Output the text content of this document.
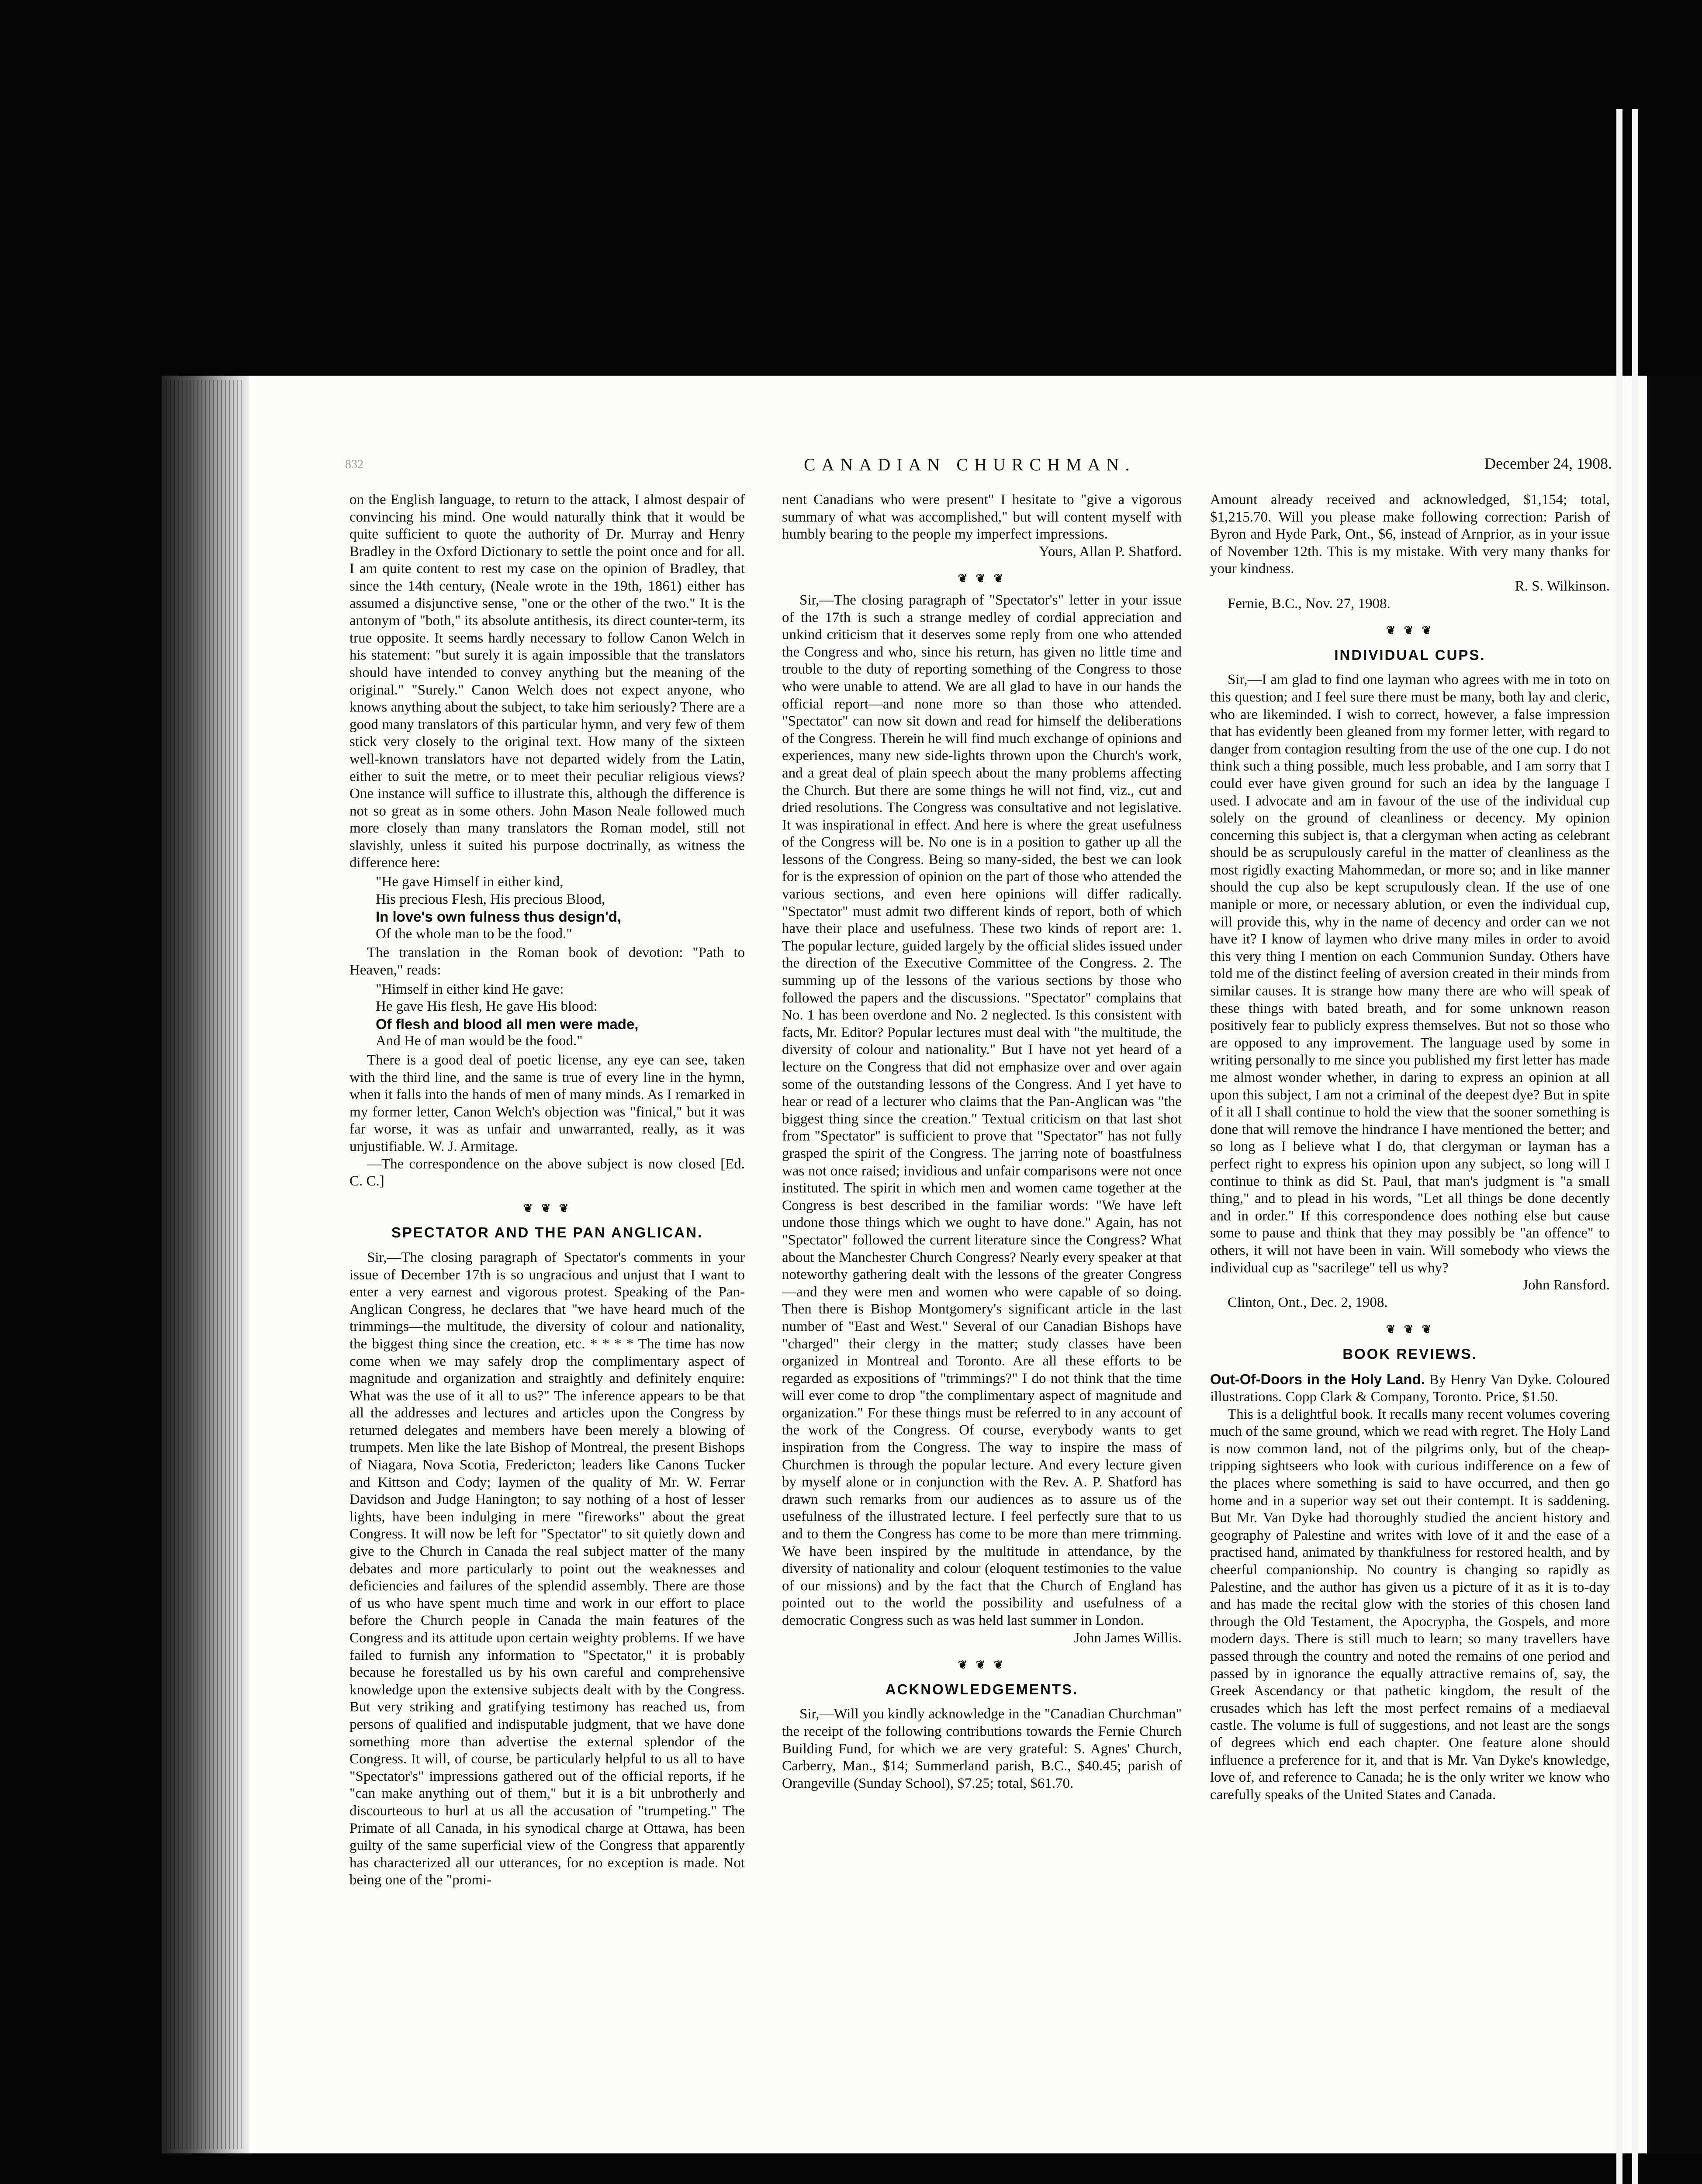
832	CANADIAN CHURCHMAN.	December 24, 1908.

on the English language, to return to the attack, I almost despair of convincing his mind. One would naturally think that it would be quite sufficient to quote the authority of Dr. Murray and Henry Bradley in the Oxford Dictionary to settle the point once and for all. I am quite content to rest my case on the opinion of Bradley, that since the 14th century, (Neale wrote in the 19th, 1861) either has assumed a disjunctive sense, "one or the other of the two." It is the antonym of "both," its absolute antithesis, its direct counter-term, its true opposite. It seems hardly necessary to follow Canon Welch in his statement: "but surely it is again impossible that the translators should have intended to convey anything but the meaning of the original." "Surely." Canon Welch does not expect anyone, who knows anything about the subject, to take him seriously? There are a good many translators of this particular hymn, and very few of them stick very closely to the original text. How many of the sixteen well-known translators have not departed widely from the Latin, either to suit the metre, or to meet their peculiar religious views? One instance will suffice to illustrate this, although the difference is not so great as in some others. John Mason Neale followed much more closely than many translators the Roman model, still not slavishly, unless it suited his purpose doctrinally, as witness the difference here:

"He gave Himself in either kind,
His precious Flesh, His precious Blood,
In love's own fulness thus design'd,
Of the whole man to be the food."

The translation in the Roman book of devotion: "Path to Heaven," reads:

"Himself in either kind He gave:
He gave His flesh, He gave His blood:
Of flesh and blood all men were made,
And He of man would be the food."

There is a good deal of poetic license, any eye can see, taken with the third line, and the same is true of every line in the hymn, when it falls into the hands of men of many minds. As I remarked in my former letter, Canon Welch's objection was "finical," but it was far worse, it was as unfair and unwarranted, really, as it was unjustifiable. W. J. Armitage.

—The correspondence on the above subject is now closed [Ed. C. C.]

❦ ❦ ❦
SPECTATOR AND THE PAN ANGLICAN.

Sir,—The closing paragraph of Spectator's comments in your issue of December 17th is so ungracious and unjust that I want to enter a very earnest and vigorous protest. Speaking of the Pan-Anglican Congress, he declares that "we have heard much of the trimmings—the multitude, the diversity of colour and nationality, the biggest thing since the creation, etc. * * * * The time has now come when we may safely drop the complimentary aspect of magnitude and organization and straightly and definitely enquire: What was the use of it all to us?" The inference appears to be that all the addresses and lectures and articles upon the Congress by returned delegates and members have been merely a blowing of trumpets. Men like the late Bishop of Montreal, the present Bishops of Niagara, Nova Scotia, Fredericton; leaders like Canons Tucker and Kittson and Cody; laymen of the quality of Mr. W. Ferrar Davidson and Judge Hanington; to say nothing of a host of lesser lights, have been indulging in mere "fireworks" about the great Congress. It will now be left for "Spectator" to sit quietly down and give to the Church in Canada the real subject matter of the many debates and more particularly to point out the weaknesses and deficiencies and failures of the splendid assembly. There are those of us who have spent much time and work in our effort to place before the Church people in Canada the main features of the Congress and its attitude upon certain weighty problems. If we have failed to furnish any information to "Spectator," it is probably because he forestalled us by his own careful and comprehensive knowledge upon the extensive subjects dealt with by the Congress. But very striking and gratifying testimony has reached us, from persons of qualified and indisputable judgment, that we have done something more than advertise the external splendor of the Congress. It will, of course, be particularly helpful to us all to have "Spectator's" impressions gathered out of the official reports, if he "can make anything out of them," but it is a bit unbrotherly and discourteous to hurl at us all the accusation of "trumpeting." The Primate of all Canada, in his synodical charge at Ottawa, has been guilty of the same superficial view of the Congress that apparently has characterized all our utterances, for no exception is made. Not being one of the "promi-

nent Canadians who were present" I hesitate to "give a vigorous summary of what was accomplished," but will content myself with humbly bearing to the people my imperfect impressions.

Yours, Allan P. Shatford.

❦ ❦ ❦

Sir,—The closing paragraph of "Spectator's" letter in your issue of the 17th is such a strange medley of cordial appreciation and unkind criticism that it deserves some reply from one who attended the Congress and who, since his return, has given no little time and trouble to the duty of reporting something of the Congress to those who were unable to attend. We are all glad to have in our hands the official report—and none more so than those who attended. "Spectator" can now sit down and read for himself the deliberations of the Congress. Therein he will find much exchange of opinions and experiences, many new side-lights thrown upon the Church's work, and a great deal of plain speech about the many problems affecting the Church. But there are some things he will not find, viz., cut and dried resolutions. The Congress was consultative and not legislative. It was inspirational in effect. And here is where the great usefulness of the Congress will be. No one is in a position to gather up all the lessons of the Congress. Being so many-sided, the best we can look for is the expression of opinion on the part of those who attended the various sections, and even here opinions will differ radically. "Spectator" must admit two different kinds of report, both of which have their place and usefulness. These two kinds of report are: 1. The popular lecture, guided largely by the official slides issued under the direction of the Executive Committee of the Congress. 2. The summing up of the lessons of the various sections by those who followed the papers and the discussions. "Spectator" complains that No. 1 has been overdone and No. 2 neglected. Is this consistent with facts, Mr. Editor? Popular lectures must deal with "the multitude, the diversity of colour and nationality." But I have not yet heard of a lecture on the Congress that did not emphasize over and over again some of the outstanding lessons of the Congress. And I yet have to hear or read of a lecturer who claims that the Pan-Anglican was "the biggest thing since the creation." Textual criticism on that last shot from "Spectator" is sufficient to prove that "Spectator" has not fully grasped the spirit of the Congress. The jarring note of boastfulness was not once raised; invidious and unfair comparisons were not once instituted. The spirit in which men and women came together at the Congress is best described in the familiar words: "We have left undone those things which we ought to have done." Again, has not "Spectator" followed the current literature since the Congress? What about the Manchester Church Congress? Nearly every speaker at that noteworthy gathering dealt with the lessons of the greater Congress—and they were men and women who were capable of so doing. Then there is Bishop Montgomery's significant article in the last number of "East and West." Several of our Canadian Bishops have "charged" their clergy in the matter; study classes have been organized in Montreal and Toronto. Are all these efforts to be regarded as expositions of "trimmings?" I do not think that the time will ever come to drop "the complimentary aspect of magnitude and organization." For these things must be referred to in any account of the work of the Congress. Of course, everybody wants to get inspiration from the Congress. The way to inspire the mass of Churchmen is through the popular lecture. And every lecture given by myself alone or in conjunction with the Rev. A. P. Shatford has drawn such remarks from our audiences as to assure us of the usefulness of the illustrated lecture. I feel perfectly sure that to us and to them the Congress has come to be more than mere trimming. We have been inspired by the multitude in attendance, by the diversity of nationality and colour (eloquent testimonies to the value of our missions) and by the fact that the Church of England has pointed out to the world the possibility and usefulness of a democratic Congress such as was held last summer in London.

John James Willis.

❦ ❦ ❦
ACKNOWLEDGEMENTS.

Sir,—Will you kindly acknowledge in the "Canadian Churchman" the receipt of the following contributions towards the Fernie Church Building Fund, for which we are very grateful: S. Agnes' Church, Carberry, Man., $14; Summerland parish, B.C., $40.45; parish of Orangeville (Sunday School), $7.25; total, $61.70.

Amount already received and acknowledged, $1,154; total, $1,215.70. Will you please make following correction: Parish of Byron and Hyde Park, Ont., $6, instead of Arnprior, as in your issue of November 12th. This is my mistake. With very many thanks for your kindness.

R. S. Wilkinson.

Fernie, B.C., Nov. 27, 1908.

❦ ❦ ❦
INDIVIDUAL CUPS.

Sir,—I am glad to find one layman who agrees with me in toto on this question; and I feel sure there must be many, both lay and cleric, who are likeminded. I wish to correct, however, a false impression that has evidently been gleaned from my former letter, with regard to danger from contagion resulting from the use of the one cup. I do not think such a thing possible, much less probable, and I am sorry that I could ever have given ground for such an idea by the language I used. I advocate and am in favour of the use of the individual cup solely on the ground of cleanliness or decency. My opinion concerning this subject is, that a clergyman when acting as celebrant should be as scrupulously careful in the matter of cleanliness as the most rigidly exacting Mahommedan, or more so; and in like manner should the cup also be kept scrupulously clean. If the use of one maniple or more, or necessary ablution, or even the individual cup, will provide this, why in the name of decency and order can we not have it? I know of laymen who drive many miles in order to avoid this very thing I mention on each Communion Sunday. Others have told me of the distinct feeling of aversion created in their minds from similar causes. It is strange how many there are who will speak of these things with bated breath, and for some unknown reason positively fear to publicly express themselves. But not so those who are opposed to any improvement. The language used by some in writing personally to me since you published my first letter has made me almost wonder whether, in daring to express an opinion at all upon this subject, I am not a criminal of the deepest dye? But in spite of it all I shall continue to hold the view that the sooner something is done that will remove the hindrance I have mentioned the better; and so long as I believe what I do, that clergyman or layman has a perfect right to express his opinion upon any subject, so long will I continue to think as did St. Paul, that man's judgment is "a small thing," and to plead in his words, "Let all things be done decently and in order." If this correspondence does nothing else but cause some to pause and think that they may possibly be "an offence" to others, it will not have been in vain. Will somebody who views the individual cup as "sacrilege" tell us why?

John Ransford.

Clinton, Ont., Dec. 2, 1908.

❦ ❦ ❦
BOOK REVIEWS.

Out-Of-Doors in the Holy Land. By Henry Van Dyke. Coloured illustrations. Copp Clark & Company, Toronto. Price, $1.50.

This is a delightful book. It recalls many recent volumes covering much of the same ground, which we read with regret. The Holy Land is now common land, not of the pilgrims only, but of the cheap-tripping sightseers who look with curious indifference on a few of the places where something is said to have occurred, and then go home and in a superior way set out their contempt. It is saddening. But Mr. Van Dyke had thoroughly studied the ancient history and geography of Palestine and writes with love of it and the ease of a practised hand, animated by thankfulness for restored health, and by cheerful companionship. No country is changing so rapidly as Palestine, and the author has given us a picture of it as it is to-day and has made the recital glow with the stories of this chosen land through the Old Testament, the Apocrypha, the Gospels, and more modern days. There is still much to learn; so many travellers have passed through the country and noted the remains of one period and passed by in ignorance the equally attractive remains of, say, the Greek Ascendancy or that pathetic kingdom, the result of the crusades which has left the most perfect remains of a mediaeval castle. The volume is full of suggestions, and not least are the songs of degrees which end each chapter. One feature alone should influence a preference for it, and that is Mr. Van Dyke's knowledge, love of, and reference to Canada; he is the only writer we know who carefully speaks of the United States and Canada.
